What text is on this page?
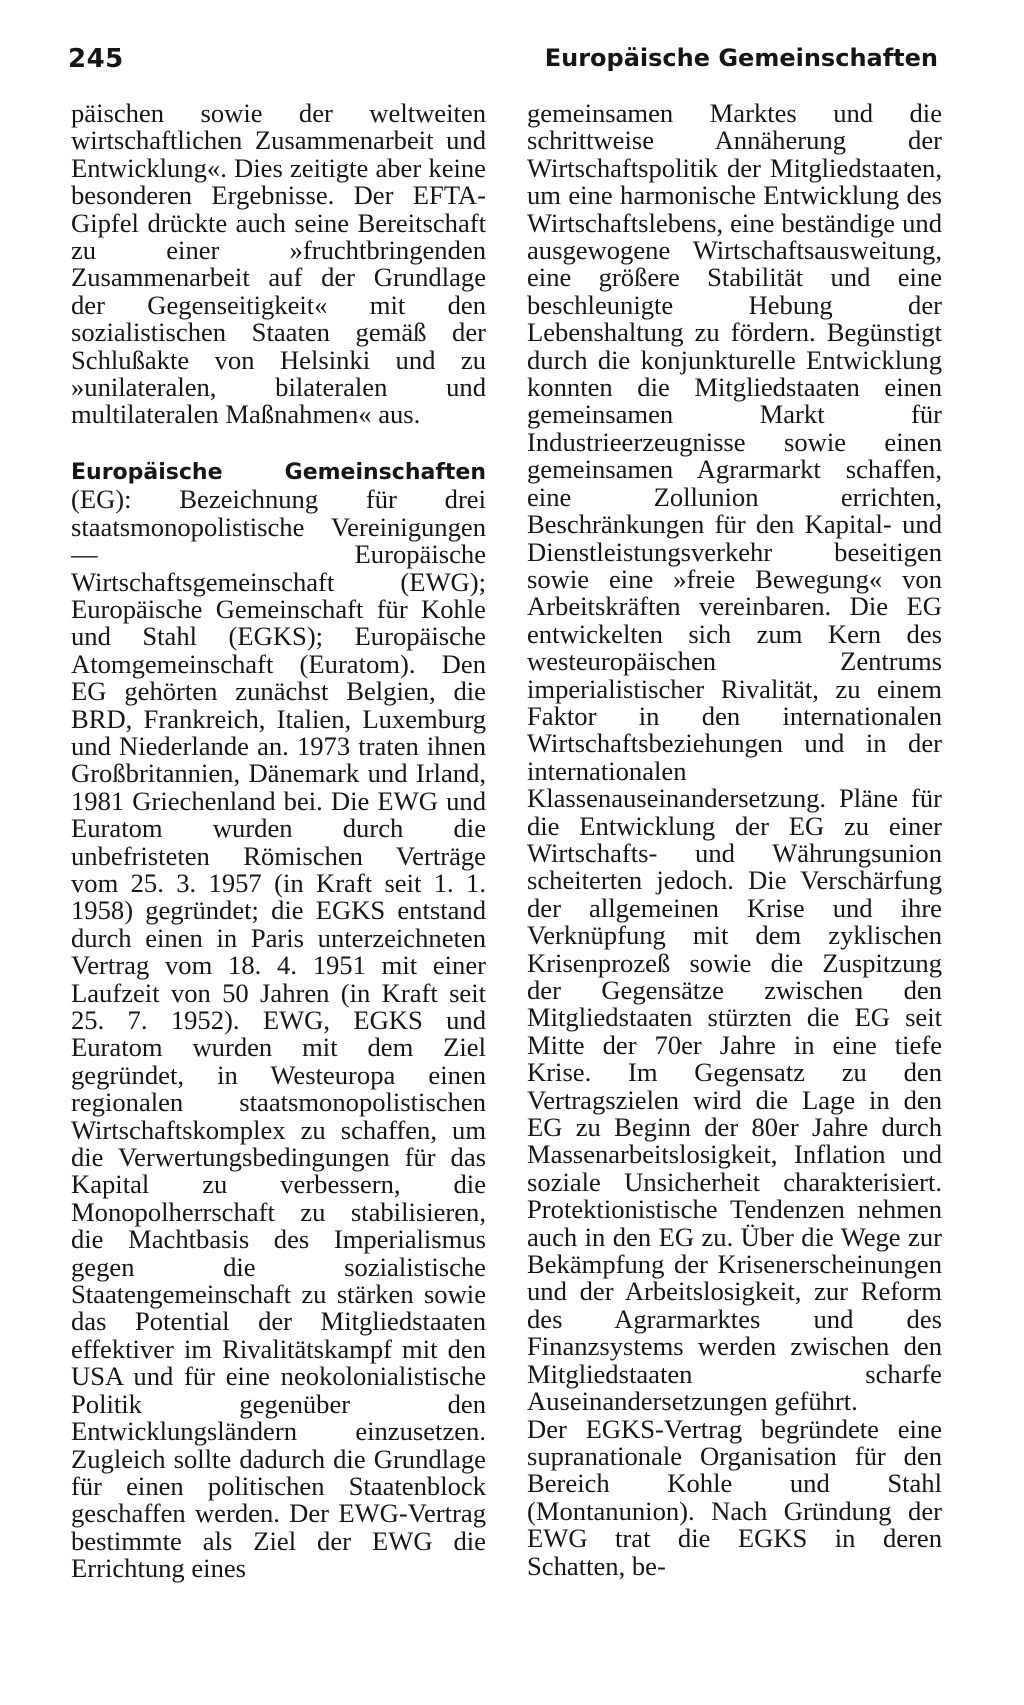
245	Europäische Gemeinschaften

päischen sowie der weltweiten wirtschaftlichen Zusammenarbeit und Entwicklung«. Dies zeitigte aber keine besonderen Ergebnisse. Der EFTA-Gipfel drückte auch seine Bereitschaft zu einer »fruchtbringenden Zusammenarbeit auf der Grundlage der Gegenseitigkeit« mit den sozialistischen Staaten gemäß der Schlußakte von Helsinki und zu »unilateralen, bilateralen und multilateralen Maßnahmen« aus.

Europäische Gemeinschaften (EG): Bezeichnung für drei staatsmonopolistische Vereinigungen — Europäische Wirtschaftsgemeinschaft (EWG); Europäische Gemeinschaft für Kohle und Stahl (EGKS); Europäische Atomgemeinschaft (Euratom). Den EG gehörten zunächst Belgien, die BRD, Frankreich, Italien, Luxemburg und Niederlande an. 1973 traten ihnen Großbritannien, Dänemark und Irland, 1981 Griechenland bei. Die EWG und Euratom wurden durch die unbefristeten Römischen Verträge vom 25. 3. 1957 (in Kraft seit 1. 1. 1958) gegründet; die EGKS entstand durch einen in Paris unterzeichneten Vertrag vom 18. 4. 1951 mit einer Laufzeit von 50 Jahren (in Kraft seit 25. 7. 1952). EWG, EGKS und Euratom wurden mit dem Ziel gegründet, in Westeuropa einen regionalen staatsmonopolistischen Wirtschaftskomplex zu schaffen, um die Verwertungsbedingungen für das Kapital zu verbessern, die Monopolherrschaft zu stabilisieren, die Machtbasis des Imperialismus gegen die sozialistische Staatengemeinschaft zu stärken sowie das Potential der Mitgliedstaaten effektiver im Rivalitätskampf mit den USA und für eine neokolonialistische Politik gegenüber den Entwicklungsländern einzusetzen. Zugleich sollte dadurch die Grundlage für einen politischen Staatenblock geschaffen werden. Der EWG-Vertrag bestimmte als Ziel der EWG die Errichtung eines

gemeinsamen Marktes und die schrittweise Annäherung der Wirtschaftspolitik der Mitgliedstaaten, um eine harmonische Entwicklung des Wirtschaftslebens, eine beständige und ausgewogene Wirtschaftsausweitung, eine größere Stabilität und eine beschleunigte Hebung der Lebenshaltung zu fördern. Begünstigt durch die konjunkturelle Entwicklung konnten die Mitgliedstaaten einen gemeinsamen Markt für Industrieerzeugnisse sowie einen gemeinsamen Agrarmarkt schaffen, eine Zollunion errichten, Beschränkungen für den Kapital- und Dienstleistungsverkehr beseitigen sowie eine »freie Bewegung« von Arbeitskräften vereinbaren. Die EG entwickelten sich zum Kern des westeuropäischen Zentrums imperialistischer Rivalität, zu einem Faktor in den internationalen Wirtschaftsbeziehungen und in der internationalen Klassenauseinandersetzung. Pläne für die Entwicklung der EG zu einer Wirtschafts- und Währungsunion scheiterten jedoch. Die Verschärfung der allgemeinen Krise und ihre Verknüpfung mit dem zyklischen Krisenprozeß sowie die Zuspitzung der Gegensätze zwischen den Mitgliedstaaten stürzten die EG seit Mitte der 70er Jahre in eine tiefe Krise. Im Gegensatz zu den Vertragszielen wird die Lage in den EG zu Beginn der 80er Jahre durch Massenarbeitslosigkeit, Inflation und soziale Unsicherheit charakterisiert. Protektionistische Tendenzen nehmen auch in den EG zu. Über die Wege zur Bekämpfung der Krisenerscheinungen und der Arbeitslosigkeit, zur Reform des Agrarmarktes und des Finanzsystems werden zwischen den Mitgliedstaaten scharfe Auseinandersetzungen geführt.

Der EGKS-Vertrag begründete eine supranationale Organisation für den Bereich Kohle und Stahl (Montanunion). Nach Gründung der EWG trat die EGKS in deren Schatten, be-
